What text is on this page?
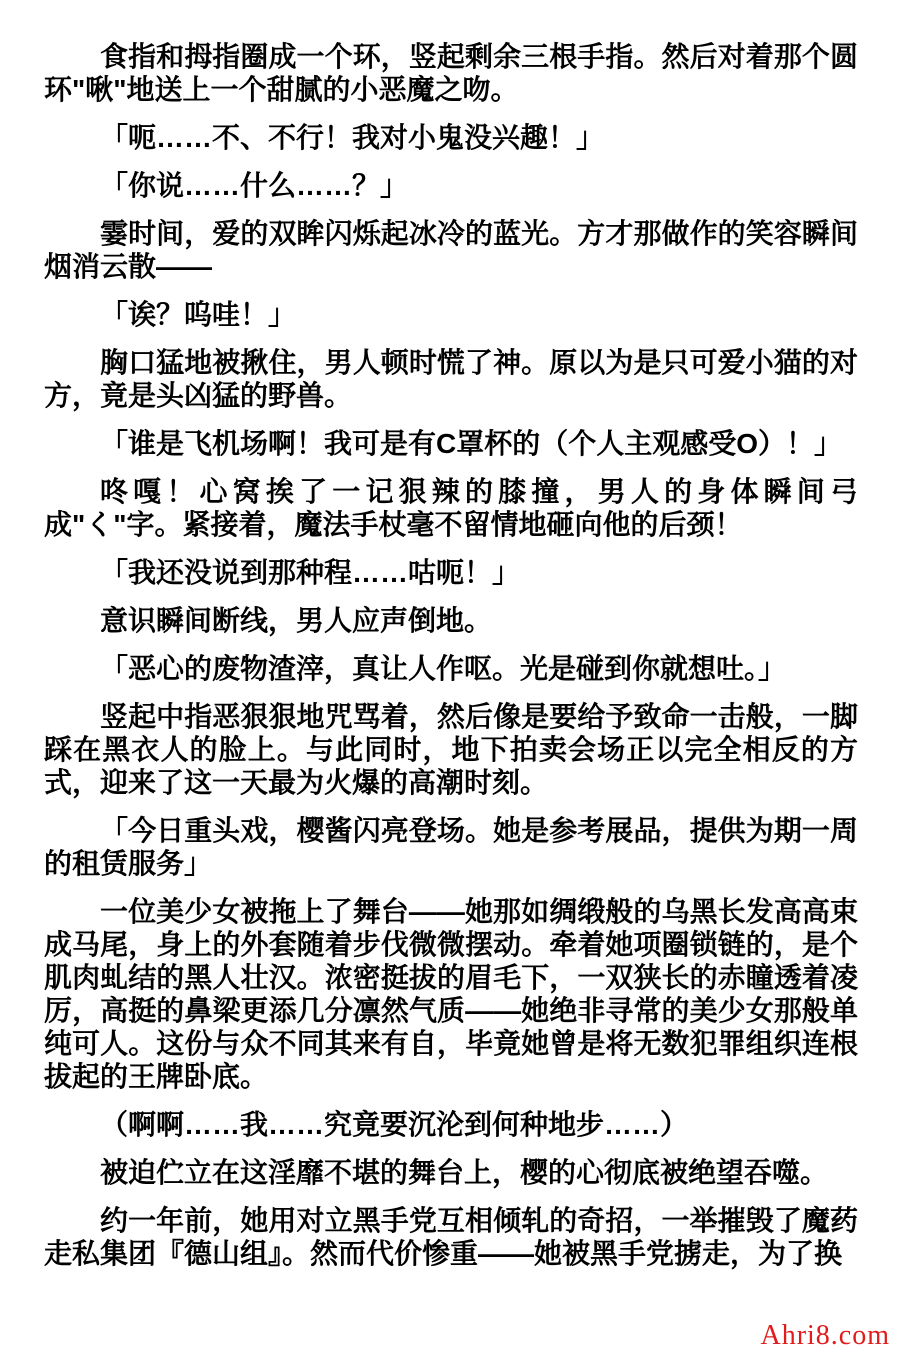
食指和拇指圈成一个环，竖起剩余三根手指。然后对着那个圆环"啾"地送上一个甜腻的小恶魔之吻。

「呃……不、不行！我对小鬼没兴趣！」

「你说……什么……？」

霎时间，爱的双眸闪烁起冰冷的蓝光。方才那做作的笑容瞬间烟消云散——

「诶？呜哇！」

胸口猛地被揪住，男人顿时慌了神。原以为是只可爱小猫的对方，竟是头凶猛的野兽。

「谁是飞机场啊！我可是有C罩杯的（个人主观感受O）！」

咚嘎！心窝挨了一记狠辣的膝撞，男人的身体瞬间弓成"く"字。紧接着，魔法手杖毫不留情地砸向他的后颈！

「我还没说到那种程……咕呃！」

意识瞬间断线，男人应声倒地。

「恶心的废物渣滓，真让人作呕。光是碰到你就想吐。」

竖起中指恶狠狠地咒骂着，然后像是要给予致命一击般，一脚踩在黑衣人的脸上。与此同时，地下拍卖会场正以完全相反的方式，迎来了这一天最为火爆的高潮时刻。

「今日重头戏，樱酱闪亮登场。她是参考展品，提供为期一周的租赁服务」

一位美少女被拖上了舞台——她那如绸缎般的乌黑长发高高束成马尾，身上的外套随着步伐微微摆动。牵着她项圈锁链的，是个肌肉虬结的黑人壮汉。浓密挺拔的眉毛下，一双狭长的赤瞳透着凌厉，高挺的鼻梁更添几分凛然气质——她绝非寻常的美少女那般单纯可人。这份与众不同其来有自，毕竟她曾是将无数犯罪组织连根拔起的王牌卧底。

（啊啊……我……究竟要沉沦到何种地步……）

被迫伫立在这淫靡不堪的舞台上，樱的心彻底被绝望吞噬。

约一年前，她用对立黑手党互相倾轧的奇招，一举摧毁了魔药走私集团『德山组』。然而代价惨重——她被黑手党掳走，为了换

Ahri8.com
